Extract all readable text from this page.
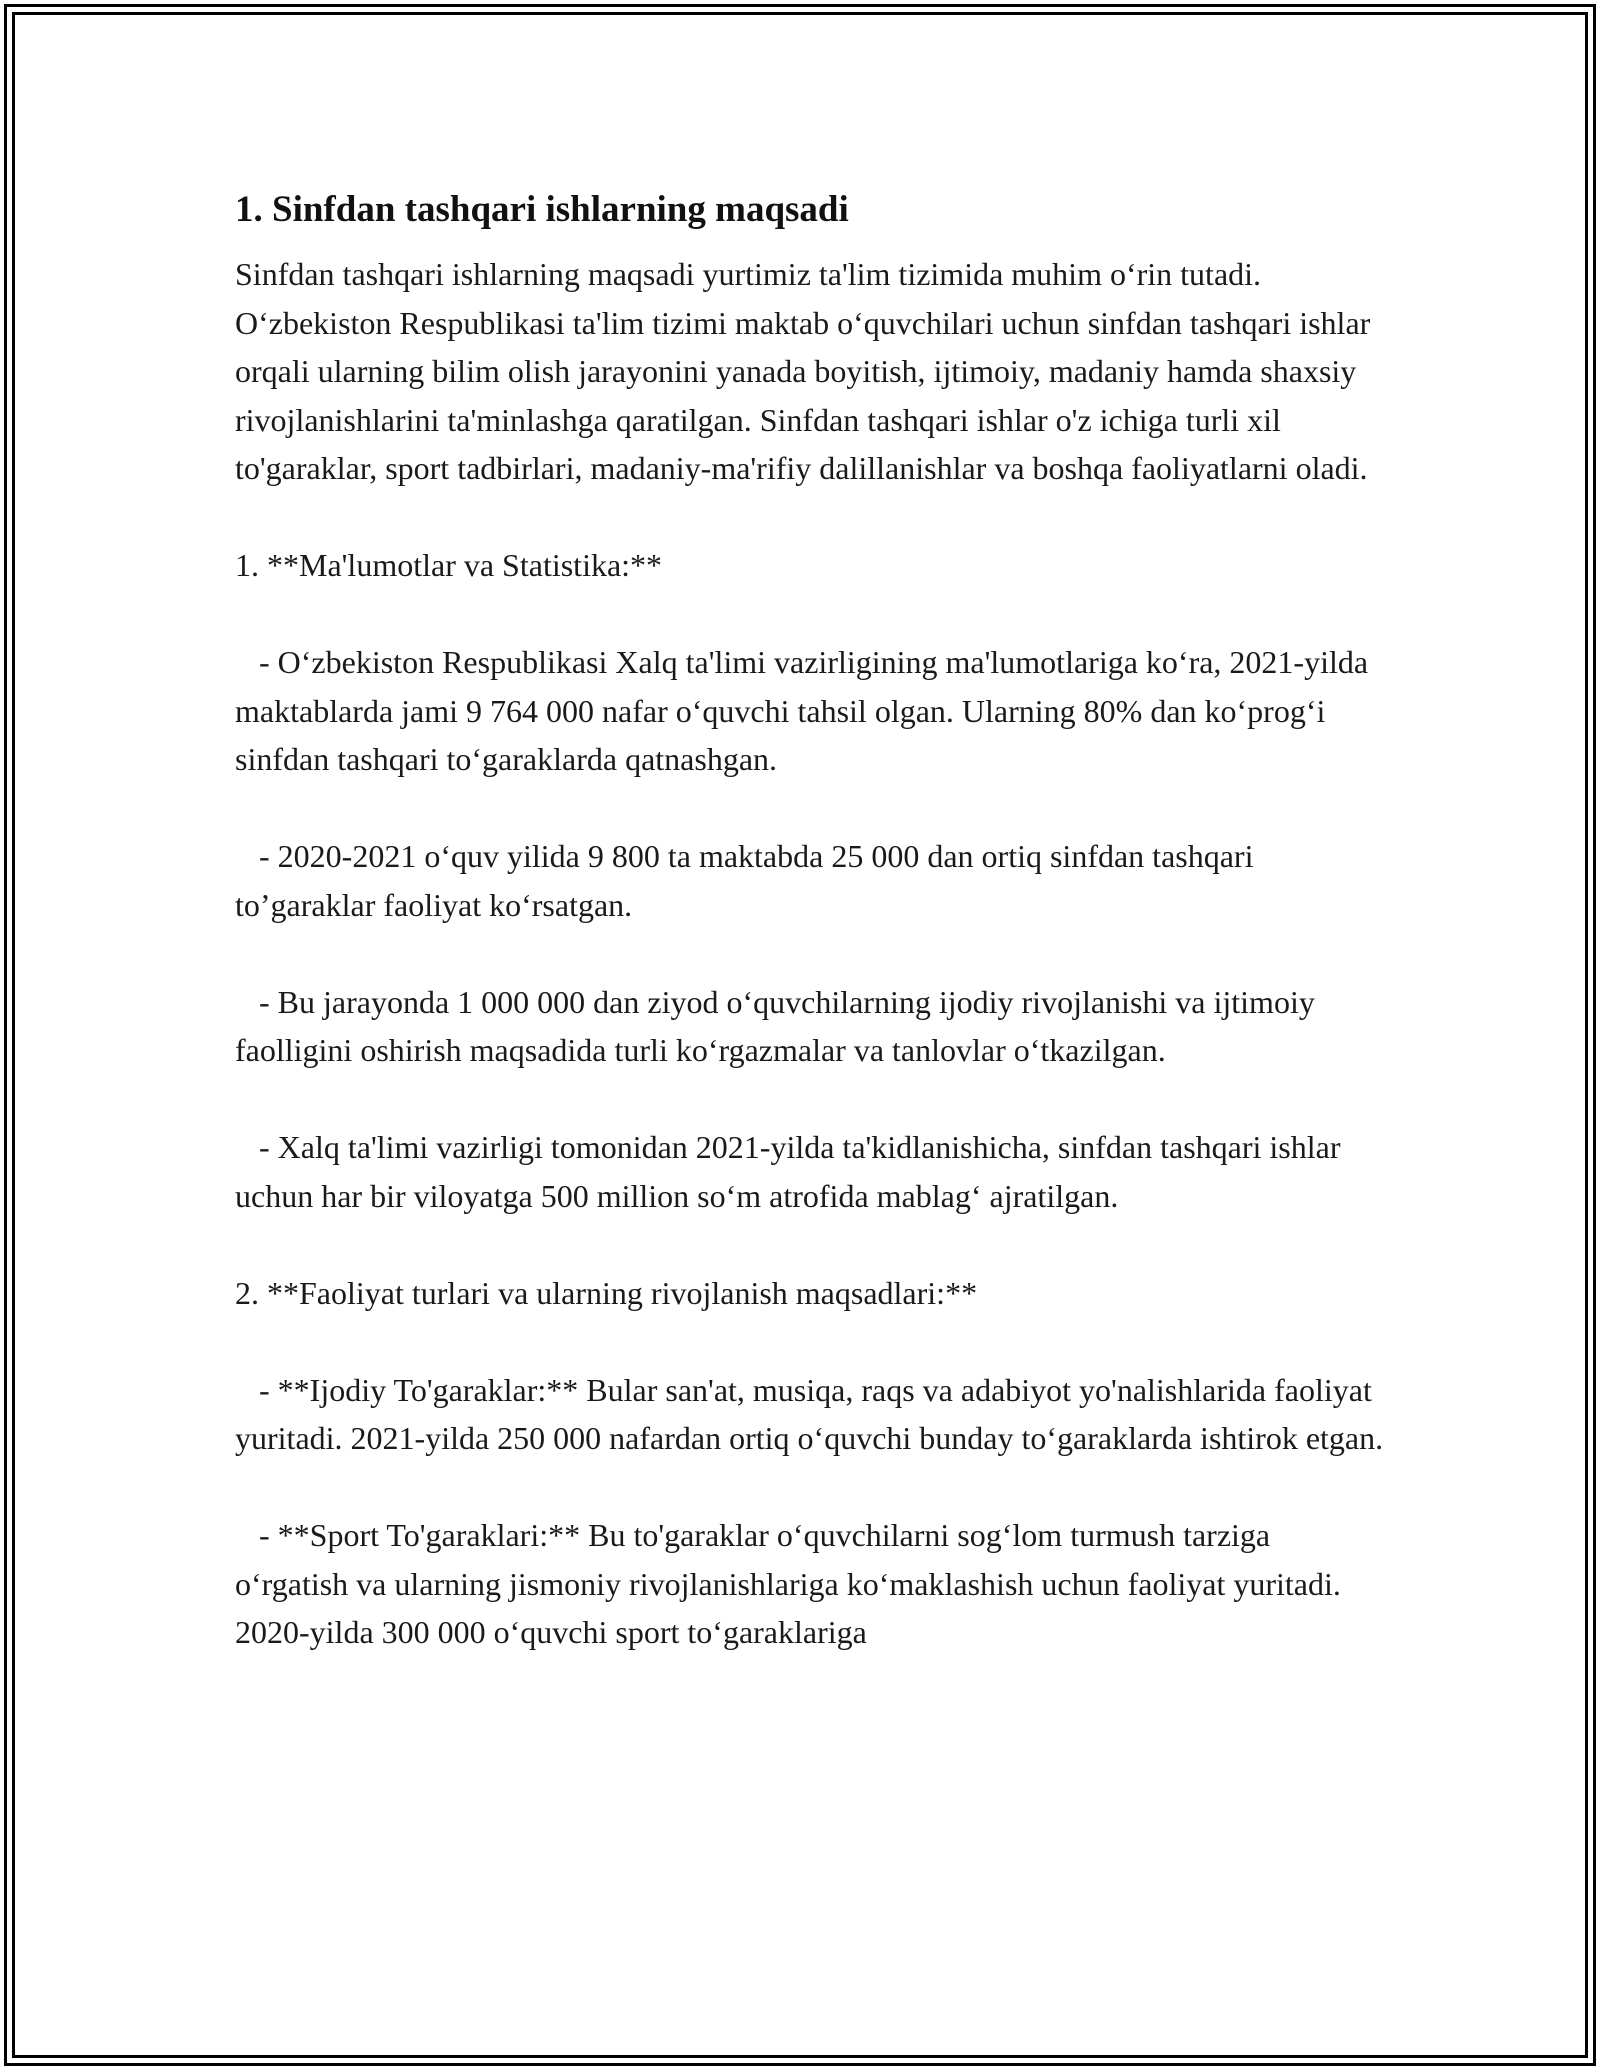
1. Sinfdan tashqari ishlarning maqsadi

Sinfdan tashqari ishlarning maqsadi yurtimiz ta'lim tizimida muhim o‘rin tutadi. O‘zbekiston Respublikasi ta'lim tizimi maktab o‘quvchilari uchun sinfdan tashqari ishlar orqali ularning bilim olish jarayonini yanada boyitish, ijtimoiy, madaniy hamda shaxsiy rivojlanishlarini ta'minlashga qaratilgan. Sinfdan tashqari ishlar o'z ichiga turli xil to'garaklar, sport tadbirlari, madaniy-ma'rifiy dalillanishlar va boshqa faoliyatlarni oladi.

1. **Ma'lumotlar va Statistika:**

- O‘zbekiston Respublikasi Xalq ta'limi vazirligining ma'lumotlariga ko‘ra, 2021-yilda maktablarda jami 9 764 000 nafar o‘quvchi tahsil olgan. Ularning 80% dan ko‘prog‘i sinfdan tashqari to‘garaklarda qatnashgan.

- 2020-2021 o‘quv yilida 9 800 ta maktabda 25 000 dan ortiq sinfdan tashqari to’garaklar faoliyat ko‘rsatgan.

- Bu jarayonda 1 000 000 dan ziyod o‘quvchilarning ijodiy rivojlanishi va ijtimoiy faolligini oshirish maqsadida turli ko‘rgazmalar va tanlovlar o‘tkazilgan.

- Xalq ta'limi vazirligi tomonidan 2021-yilda ta'kidlanishicha, sinfdan tashqari ishlar uchun har bir viloyatga 500 million so‘m atrofida mablag‘ ajratilgan.

2. **Faoliyat turlari va ularning rivojlanish maqsadlari:**

- **Ijodiy To'garaklar:** Bular san'at, musiqa, raqs va adabiyot yo'nalishlarida faoliyat yuritadi. 2021-yilda 250 000 nafardan ortiq o‘quvchi bunday to‘garaklarda ishtirok etgan.

- **Sport To'garaklari:** Bu to'garaklar o‘quvchilarni sog‘lom turmush tarziga o‘rgatish va ularning jismoniy rivojlanishlariga ko‘maklashish uchun faoliyat yuritadi. 2020-yilda 300 000 o‘quvchi sport to‘garaklariga
